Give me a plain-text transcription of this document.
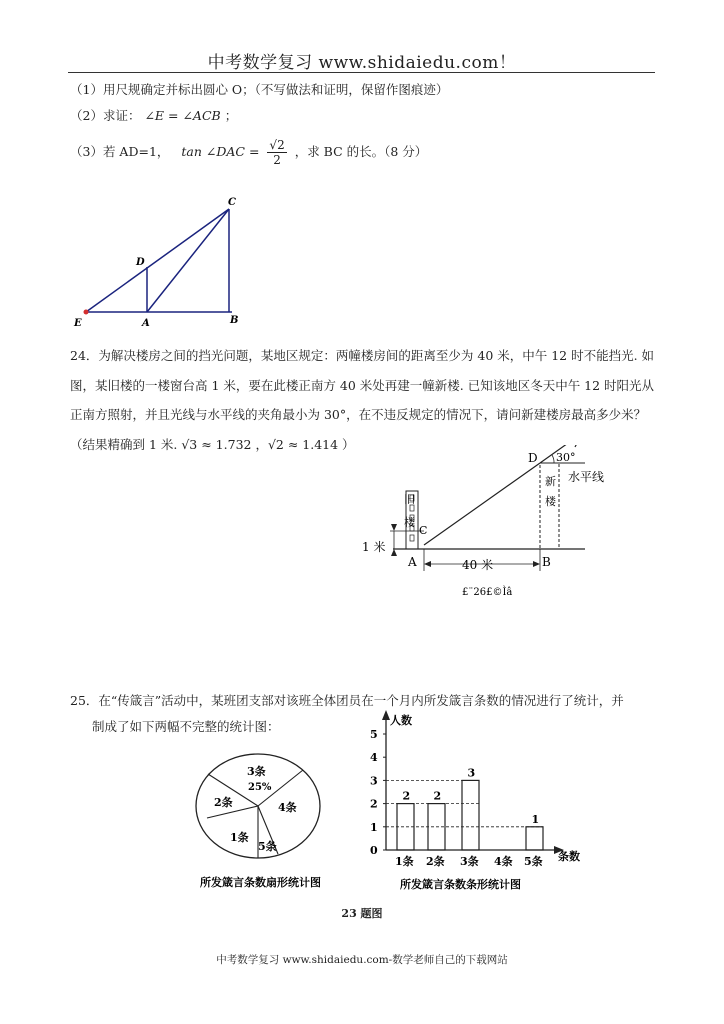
中考数学复习 www.shidaiedu.com！
（1）用尺规确定并标出圆心 O；（不写做法和证明，保留作图痕迹）
（2）求证： ∠E = ∠ACB ；
（3）若 AD=1， tan ∠DAC = $\frac{√2}{2}$ ，求 BC 的长。（8 分）
C
D
E	A	B
24．为解决楼房之间的挡光问题，某地区规定：两幢楼房间的距离至少为 40 米，中午 12 时不能挡光. 如
图，某旧楼的一楼窗台高 1 米，要在此楼正南方 40 米处再建一幢新楼. 已知该地区冬天中午 12 时阳光从
正南方照射，并且光线与水平线的夹角最小为 30°，在不违反规定的情况下，请问新建楼房最高多少米？
（结果精确到 1 米. √3 ≈ 1.732 ，√2 ≈ 1.414 ）
D 30°
水平线
新
楼
旧
楼
C
1 米
A	40 米	B
£¨26£©Ìâ
25．在“传箴言”活动中，某班团支部对该班全体团员在一个月内所发箴言条数的情况进行了统计，并
制成了如下两幅不完整的统计图：
3条
25%
4条
2条
1条
5条
所发箴言条数扇形统计图
人数
条数
0
1
2
3
4
5
2 2
3
1
1条 2条 3条 4条 5条
所发箴言条数条形统计图
23 题图
中考数学复习 www.shidaiedu.com-数学老师自己的下载网站
